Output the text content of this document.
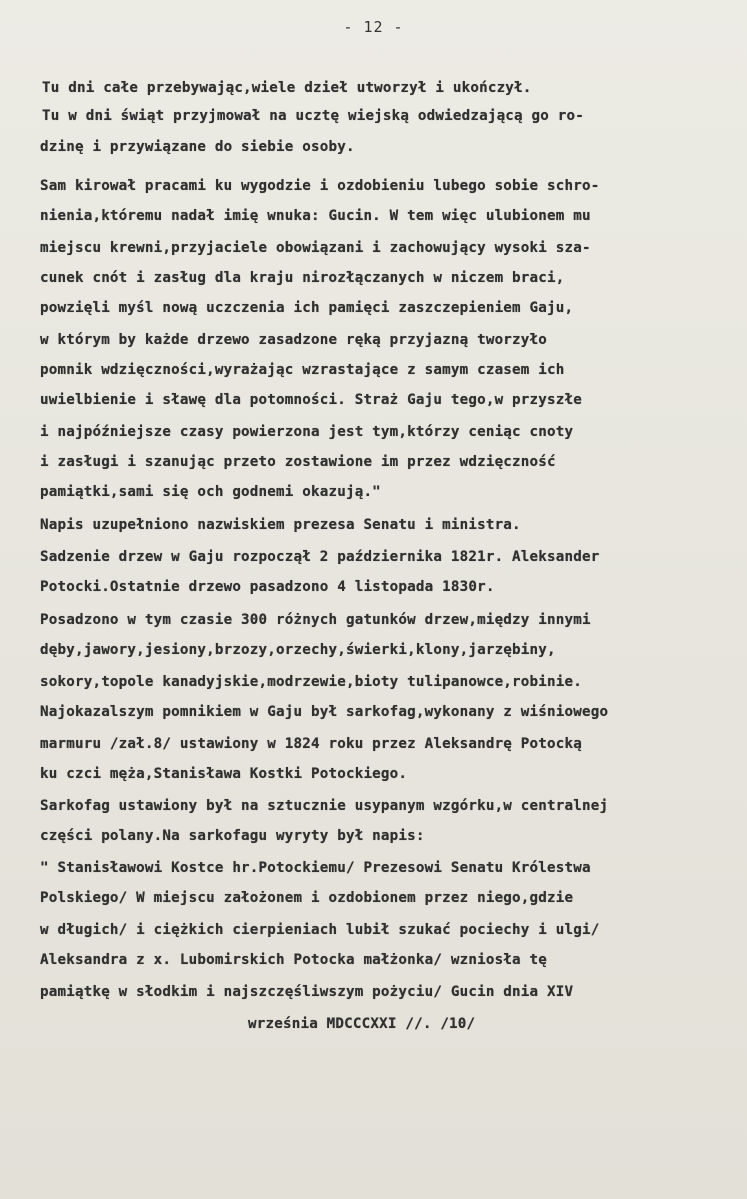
- 12 -
Tu dni całe przebywając,wiele dzieł utworzył i ukończył.
Tu w dni świąt przyjmował na ucztę wiejską odwiedzającą go ro-
dzinę i przywiązane do siebie osoby.
Sam kirował pracami ku wygodzie i ozdobieniu lubego sobie schro-
nienia,któremu nadał imię wnuka: Gucin. W tem więc ulubionem mu
miejscu krewni,przyjaciele obowiązani i zachowujący wysoki sza-
cunek cnót i zasług dla kraju nirozłączanych w niczem braci,
powzięli myśl nową uczczenia ich pamięci zaszczepieniem Gaju,
w którym by każde drzewo zasadzone ręką przyjazną tworzyło
pomnik wdzięczności,wyrażając wzrastające z samym czasem ich
uwielbienie i sławę dla potomności. Straż Gaju tego,w przyszłe
i najpóźniejsze czasy powierzona jest tym,którzy ceniąc cnoty
i zasługi i szanując przeto zostawione im przez wdzięczność
pamiątki,sami się och godnemi okazują."
Napis uzupełniono nazwiskiem prezesa Senatu i ministra.
Sadzenie drzew w Gaju rozpoczął 2 października 1821r. Aleksander
Potocki.Ostatnie drzewo pasadzono 4 listopada 1830r.
Posadzono w tym czasie 300 różnych gatunków drzew,między innymi
dęby,jawory,jesiony,brzozy,orzechy,świerki,klony,jarzębiny,
sokory,topole kanadyjskie,modrzewie,bioty tulipanowce,robinie.
Najokazalszym pomnikiem w Gaju był sarkofag,wykonany z wiśniowego
marmuru /zał.8/ ustawiony w 1824 roku przez Aleksandrę Potocką
ku czci męża,Stanisława Kostki Potockiego.
Sarkofag ustawiony był na sztucznie usypanym wzgórku,w centralnej
części polany.Na sarkofagu wyryty był napis:
" Stanisławowi Kostce hr.Potockiemu/ Prezesowi Senatu Królestwa
Polskiego/ W miejscu założonem i ozdobionem przez niego,gdzie
w długich/ i ciężkich cierpieniach lubił szukać pociechy i ulgi/
Aleksandra z x. Lubomirskich Potocka małżonka/ wzniosła tę
pamiątkę w słodkim i najszczęśliwszym pożyciu/ Gucin dnia XIV
września MDCCCXXI //. /10/
